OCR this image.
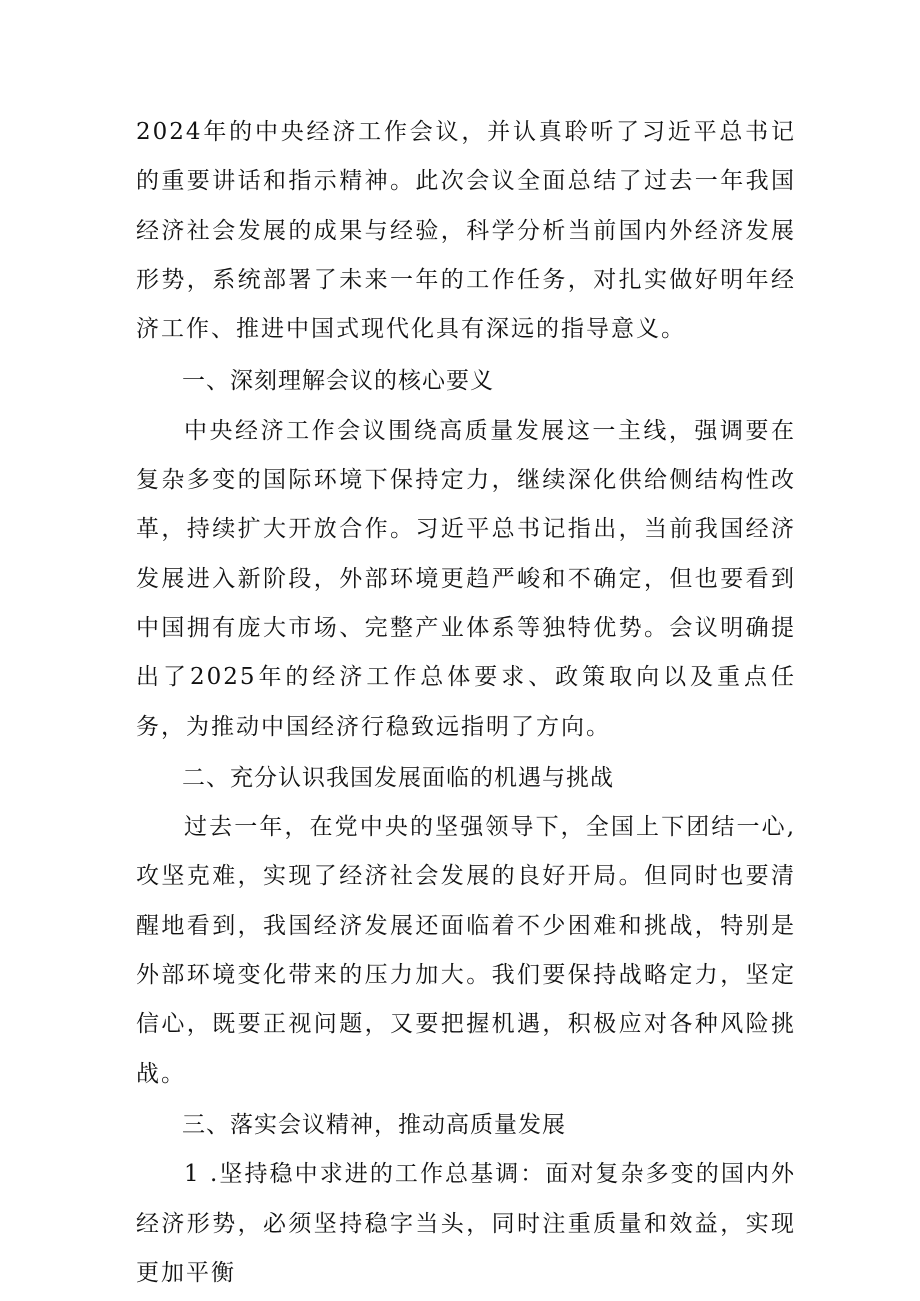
2024年的中央经济工作会议，并认真聆听了习近平总书记的重要讲话和指示精神。此次会议全面总结了过去一年我国经济社会发展的成果与经验，科学分析当前国内外经济发展形势，系统部署了未来一年的工作任务，对扎实做好明年经济工作、推进中国式现代化具有深远的指导意义。

一、深刻理解会议的核心要义

中央经济工作会议围绕高质量发展这一主线，强调要在复杂多变的国际环境下保持定力，继续深化供给侧结构性改革，持续扩大开放合作。习近平总书记指出，当前我国经济发展进入新阶段，外部环境更趋严峻和不确定，但也要看到中国拥有庞大市场、完整产业体系等独特优势。会议明确提出了2025年的经济工作总体要求、政策取向以及重点任务，为推动中国经济行稳致远指明了方向。

二、充分认识我国发展面临的机遇与挑战

过去一年，在党中央的坚强领导下，全国上下团结一心,攻坚克难，实现了经济社会发展的良好开局。但同时也要清醒地看到，我国经济发展还面临着不少困难和挑战，特别是外部环境变化带来的压力加大。我们要保持战略定力，坚定信心，既要正视问题，又要把握机遇，积极应对各种风险挑战。

三、落实会议精神，推动高质量发展

1 .坚持稳中求进的工作总基调：面对复杂多变的国内外经济形势，必须坚持稳字当头，同时注重质量和效益，实现更加平衡
